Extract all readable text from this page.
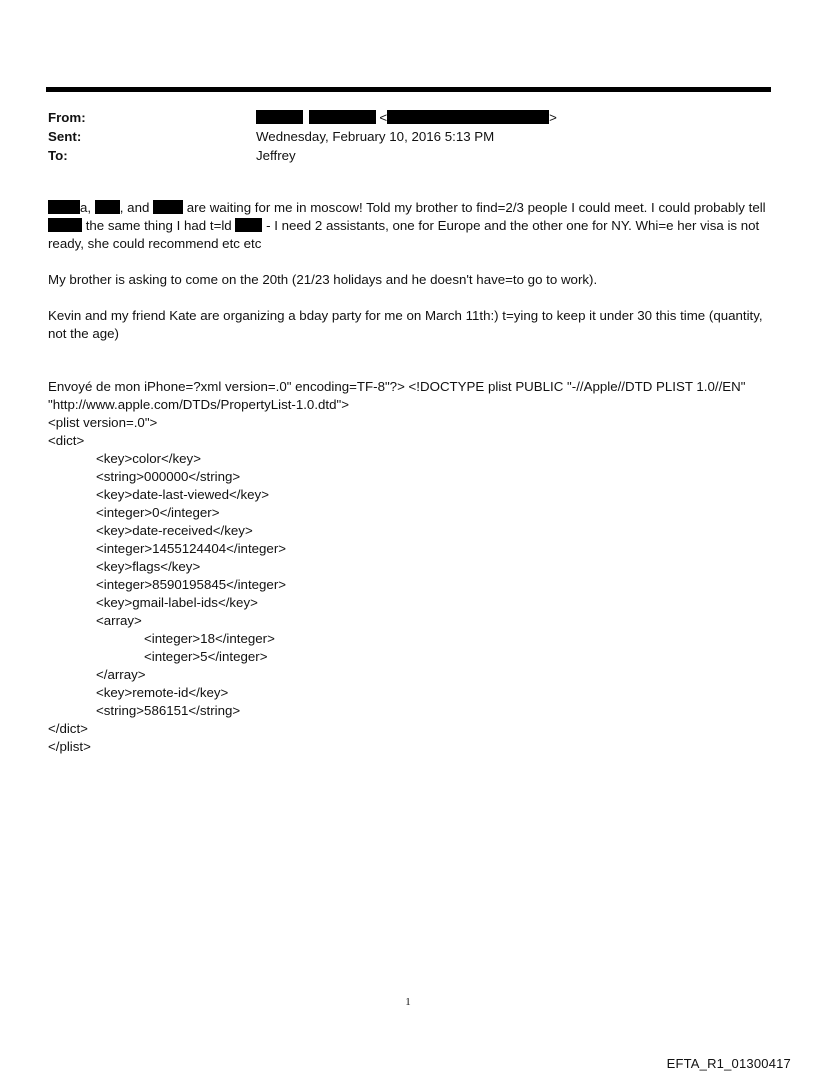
From:	<	>
Sent:	Wednesday, February 10, 2016 5:13 PM
To:	Jeffrey

a, , and	are waiting for me in moscow! Told my brother to find=2/3 people I could meet. I could probably tell  the same thing I had t=ld	- I need 2 assistants, one for Europe and the other one for NY. Whi=e her visa is not ready, she could recommend etc etc

My brother is asking to come on the 20th (21/23 holidays and he doesn't have=to go to work).

Kevin and my friend Kate are organizing a bday party for me on March 11th:) t=ying to keep it under 30 this time (quantity, not the age)

Envoyé de mon iPhone=?xml version=.0" encoding=TF-8"?> <!DOCTYPE plist PUBLIC "-//Apple//DTD PLIST 1.0//EN"
"http://www.apple.com/DTDs/PropertyList-1.0.dtd">
<plist version=.0">
<dict>
<key>color</key>
<string>000000</string>
<key>date-last-viewed</key>
<integer>0</integer>
<key>date-received</key>
<integer>1455124404</integer>
<key>flags</key>
<integer>8590195845</integer>
<key>gmail-label-ids</key>
<array>
<integer>18</integer>
<integer>5</integer>
</array>
<key>remote-id</key>
<string>586151</string>
</dict>
</plist>
1
EFTA_R1_01300417
